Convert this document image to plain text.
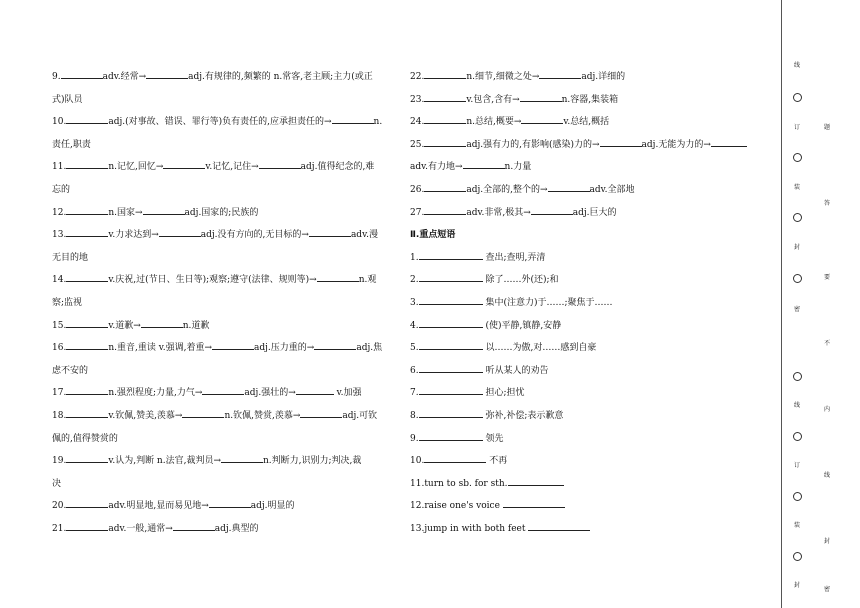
9.	adv.经常→	adj.有规律的,频繁的 n.常客,老主顾;主力(或正
式)队员
10.	adj.(对事故、错误、罪行等)负有责任的,应承担责任的→	n.
责任,职责
11.	n.记忆,回忆→	v.记忆,记住→	adj.值得纪念的,难
忘的
12.	n.国家→	adj.国家的;民族的
13.	v.力求达到→	adj.没有方向的,无目标的→	adv.漫
无目的地
14.	v.庆祝,过(节日、生日等);观察;遵守(法律、规则等)→	n.观
察;监视
15.	v.道歉→	n.道歉
16.	n.重音,重读 v.强调,着重→	adj.压力重的→	adj.焦
虑不安的
17.	n.强烈程度;力量,力气→	adj.强壮的→	v.加强
18.	v.钦佩,赞美,羡慕→	n.钦佩,赞赏,羡慕→	adj.可钦
佩的,值得赞赏的
19.	v.认为,判断 n.法官,裁判员→	n.判断力,识别力;判决,裁
决
20.	adv.明显地,显而易见地→	adj.明显的
21.	adv.一般,通常→	adj.典型的
22.	n.细节,细微之处→	adj.详细的
23.	v.包含,含有→	n.容器,集装箱
24.	n.总结,概要→	v.总结,概括
25.	adj.强有力的,有影响(感染)力的→	adj.无能为力的→
adv.有力地→	n.力量
26.	adj.全部的,整个的→	adv.全部地
27.	adv.非常,极其→	adj.巨大的
Ⅱ.重点短语
1.	查出;查明,弄清
2.	除了……外(还);和
3.	集中(注意力)于……;聚焦于……
4.	(使)平静,镇静,安静
5.	以……为傲,对……感到自豪
6.	听从某人的劝告
7.	担心;担忧
8.	弥补,补偿;表示歉意
9.	领先
10.	不再
11.turn to sb. for sth.
12.raise one's voice
13.jump in with both feet
线
订
装
封
密
线
订
装
封
题
答
要
不
内
线
封
密
